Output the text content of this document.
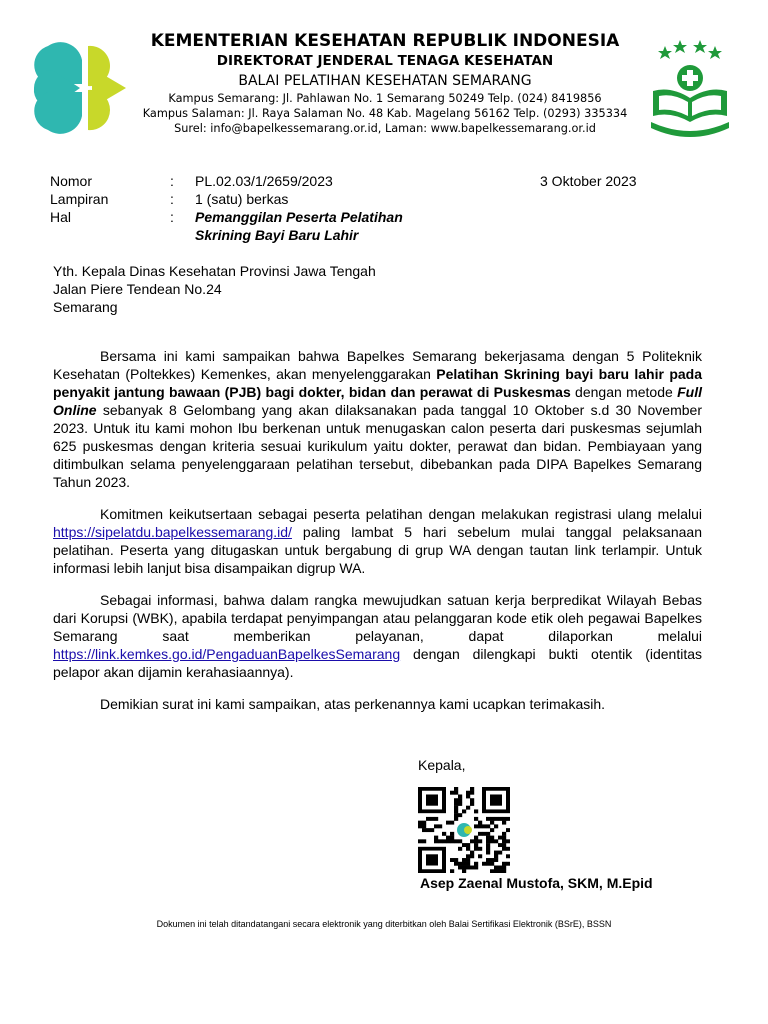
KEMENTERIAN KESEHATAN REPUBLIK INDONESIA
DIREKTORAT JENDERAL TENAGA KESEHATAN
BALAI PELATIHAN KESEHATAN SEMARANG
Kampus Semarang: Jl. Pahlawan No. 1 Semarang 50249 Telp. (024) 8419856
Kampus Salaman: Jl. Raya Salaman No. 48 Kab. Magelang 56162 Telp. (0293) 335334
Surel: info@bapelkessemarang.or.id, Laman: www.bapelkessemarang.or.id
Nomor	:	PL.02.03/1/2659/2023
Lampiran	:	1 (satu) berkas
Hal	:	Pemanggilan Peserta Pelatihan
Skrining Bayi Baru Lahir
3 Oktober 2023
Yth. Kepala Dinas Kesehatan Provinsi Jawa Tengah
Jalan Piere Tendean No.24
Semarang

Bersama ini kami sampaikan bahwa Bapelkes Semarang bekerjasama dengan 5 Politeknik Kesehatan (Poltekkes) Kemenkes, akan menyelenggarakan Pelatihan Skrining bayi baru lahir pada penyakit jantung bawaan (PJB) bagi dokter, bidan dan perawat di Puskesmas dengan metode Full Online sebanyak 8 Gelombang yang akan dilaksanakan pada tanggal 10 Oktober s.d 30 November 2023. Untuk itu kami mohon Ibu berkenan untuk menugaskan calon peserta dari puskesmas sejumlah 625 puskesmas dengan kriteria sesuai kurikulum yaitu dokter, perawat dan bidan. Pembiayaan yang ditimbulkan selama penyelenggaraan pelatihan tersebut, dibebankan pada DIPA Bapelkes Semarang Tahun 2023.

Komitmen keikutsertaan sebagai peserta pelatihan dengan melakukan registrasi ulang melalui https://sipelatdu.bapelkessemarang.id/ paling lambat 5 hari sebelum mulai tanggal pelaksanaan pelatihan. Peserta yang ditugaskan untuk bergabung di grup WA dengan tautan link terlampir. Untuk informasi lebih lanjut bisa disampaikan digrup WA.

Sebagai informasi, bahwa dalam rangka mewujudkan satuan kerja berpredikat Wilayah Bebas dari Korupsi (WBK), apabila terdapat penyimpangan atau pelanggaran kode etik oleh pegawai Bapelkes Semarang saat memberikan pelayanan, dapat dilaporkan melalui https://link.kemkes.go.id/PengaduanBapelkesSemarang dengan dilengkapi bukti otentik (identitas pelapor akan dijamin kerahasiaannya).

Demikian surat ini kami sampaikan, atas perkenannya kami ucapkan terimakasih.

Kepala,
Asep Zaenal Mustofa, SKM, M.Epid
Dokumen ini telah ditandatangani secara elektronik yang diterbitkan oleh Balai Sertifikasi Elektronik (BSrE), BSSN
